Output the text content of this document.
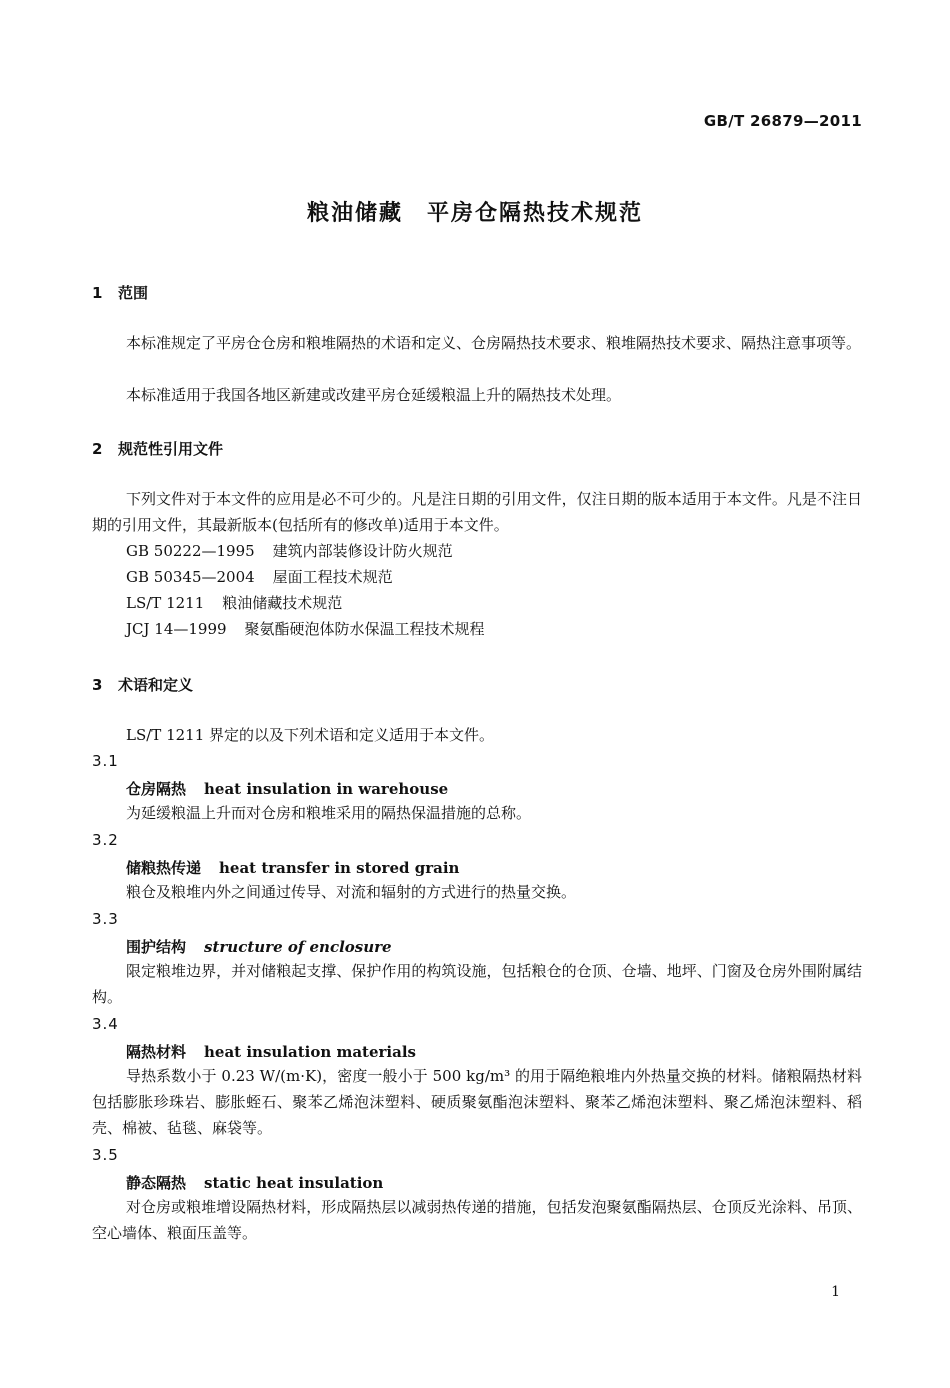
GB/T 26879—2011
粮油储藏　平房仓隔热技术规范
1 范围
本标准规定了平房仓仓房和粮堆隔热的术语和定义、仓房隔热技术要求、粮堆隔热技术要求、隔热注意事项等。
本标准适用于我国各地区新建或改建平房仓延缓粮温上升的隔热技术处理。
2 规范性引用文件
下列文件对于本文件的应用是必不可少的。凡是注日期的引用文件，仅注日期的版本适用于本文件。凡是不注日期的引用文件，其最新版本(包括所有的修改单)适用于本文件。
GB 50222—1995 建筑内部装修设计防火规范
GB 50345—2004 屋面工程技术规范
LS/T 1211 粮油储藏技术规范
JCJ 14—1999 聚氨酯硬泡体防水保温工程技术规程
3 术语和定义
LS/T 1211 界定的以及下列术语和定义适用于本文件。
3.1
仓房隔热 heat insulation in warehouse
为延缓粮温上升而对仓房和粮堆采用的隔热保温措施的总称。
3.2
储粮热传递 heat transfer in stored grain
粮仓及粮堆内外之间通过传导、对流和辐射的方式进行的热量交换。
3.3
围护结构 structure of enclosure
限定粮堆边界，并对储粮起支撑、保护作用的构筑设施，包括粮仓的仓顶、仓墙、地坪、门窗及仓房外围附属结构。
3.4
隔热材料 heat insulation materials
导热系数小于 0.23 W/(m·K)，密度一般小于 500 kg/m³ 的用于隔绝粮堆内外热量交换的材料。储粮隔热材料包括膨胀珍珠岩、膨胀蛭石、聚苯乙烯泡沫塑料、硬质聚氨酯泡沫塑料、聚苯乙烯泡沫塑料、聚乙烯泡沫塑料、稻壳、棉被、毡毯、麻袋等。
3.5
静态隔热 static heat insulation
对仓房或粮堆增设隔热材料，形成隔热层以减弱热传递的措施，包括发泡聚氨酯隔热层、仓顶反光涂料、吊顶、空心墙体、粮面压盖等。
1
